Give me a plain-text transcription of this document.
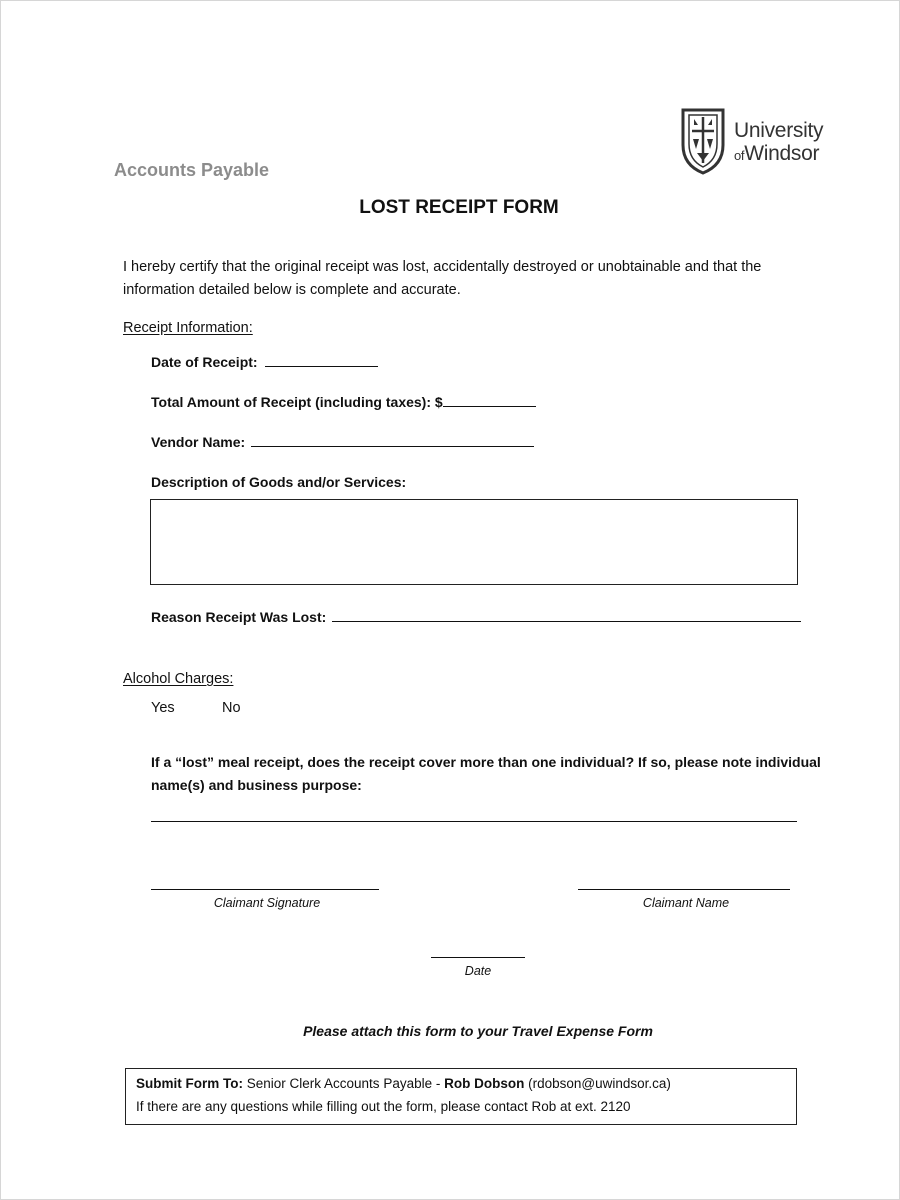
Accounts Payable
University
ofWindsor
LOST RECEIPT FORM
I hereby certify that the original receipt was lost, accidentally destroyed or unobtainable and that the information detailed below is complete and accurate.
Receipt Information:
Date of Receipt:
Total Amount of Receipt (including taxes): $
Vendor Name:
Description of Goods and/or Services:
Reason Receipt Was Lost:
Alcohol Charges:
Yes	No
If a “lost” meal receipt, does the receipt cover more than one individual? If so, please note individual name(s) and business purpose:
Claimant Signature	Claimant Name
Date
Please attach this form to your Travel Expense Form
Submit Form To: Senior Clerk Accounts Payable - Rob Dobson (rdobson@uwindsor.ca)
If there are any questions while filling out the form, please contact Rob at ext. 2120
